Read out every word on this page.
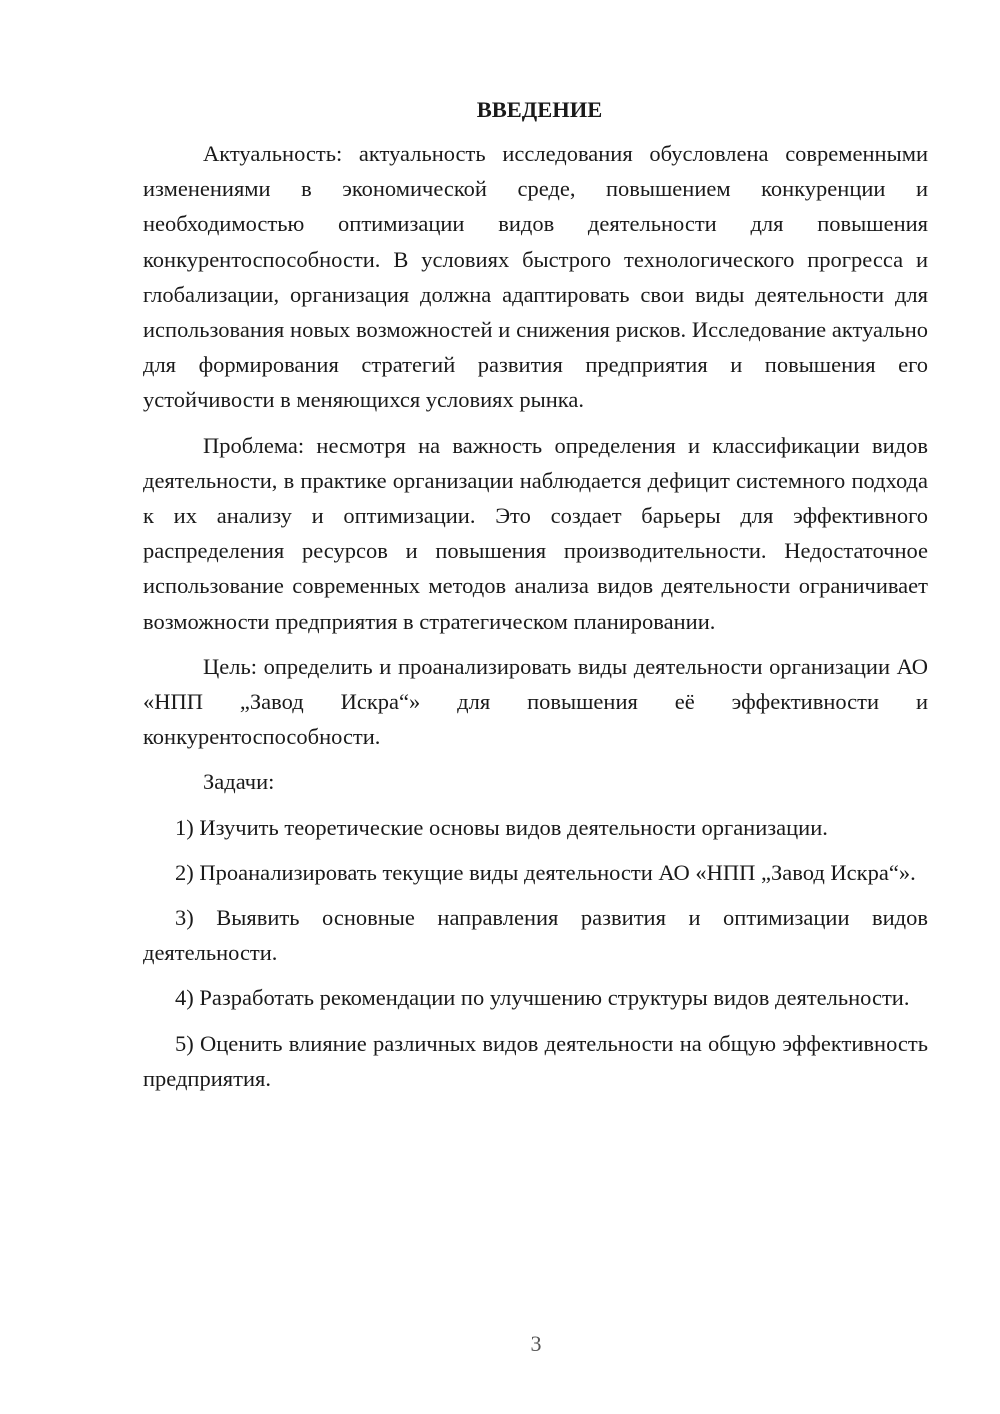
ВВЕДЕНИЕ

Актуальность: актуальность исследования обусловлена современными изменениями в экономической среде, повышением конкуренции и необходимостью оптимизации видов деятельности для повышения конкурентоспособности. В условиях быстрого технологического прогресса и глобализации, организация должна адаптировать свои виды деятельности для использования новых возможностей и снижения рисков. Исследование актуально для формирования стратегий развития предприятия и повышения его устойчивости в меняющихся условиях рынка.

Проблема: несмотря на важность определения и классификации видов деятельности, в практике организации наблюдается дефицит системного подхода к их анализу и оптимизации. Это создает барьеры для эффективного распределения ресурсов и повышения производительности. Недостаточное использование современных методов анализа видов деятельности ограничивает возможности предприятия в стратегическом планировании.

Цель: определить и проанализировать виды деятельности организации АО «НПП „Завод Искра“» для повышения её эффективности и конкурентоспособности.

Задачи:

1) Изучить теоретические основы видов деятельности организации.

2) Проанализировать текущие виды деятельности АО «НПП „Завод Искра“».

3) Выявить основные направления развития и оптимизации видов деятельности.

4) Разработать рекомендации по улучшению структуры видов деятельности.

5) Оценить влияние различных видов деятельности на общую эффективность предприятия.

3
